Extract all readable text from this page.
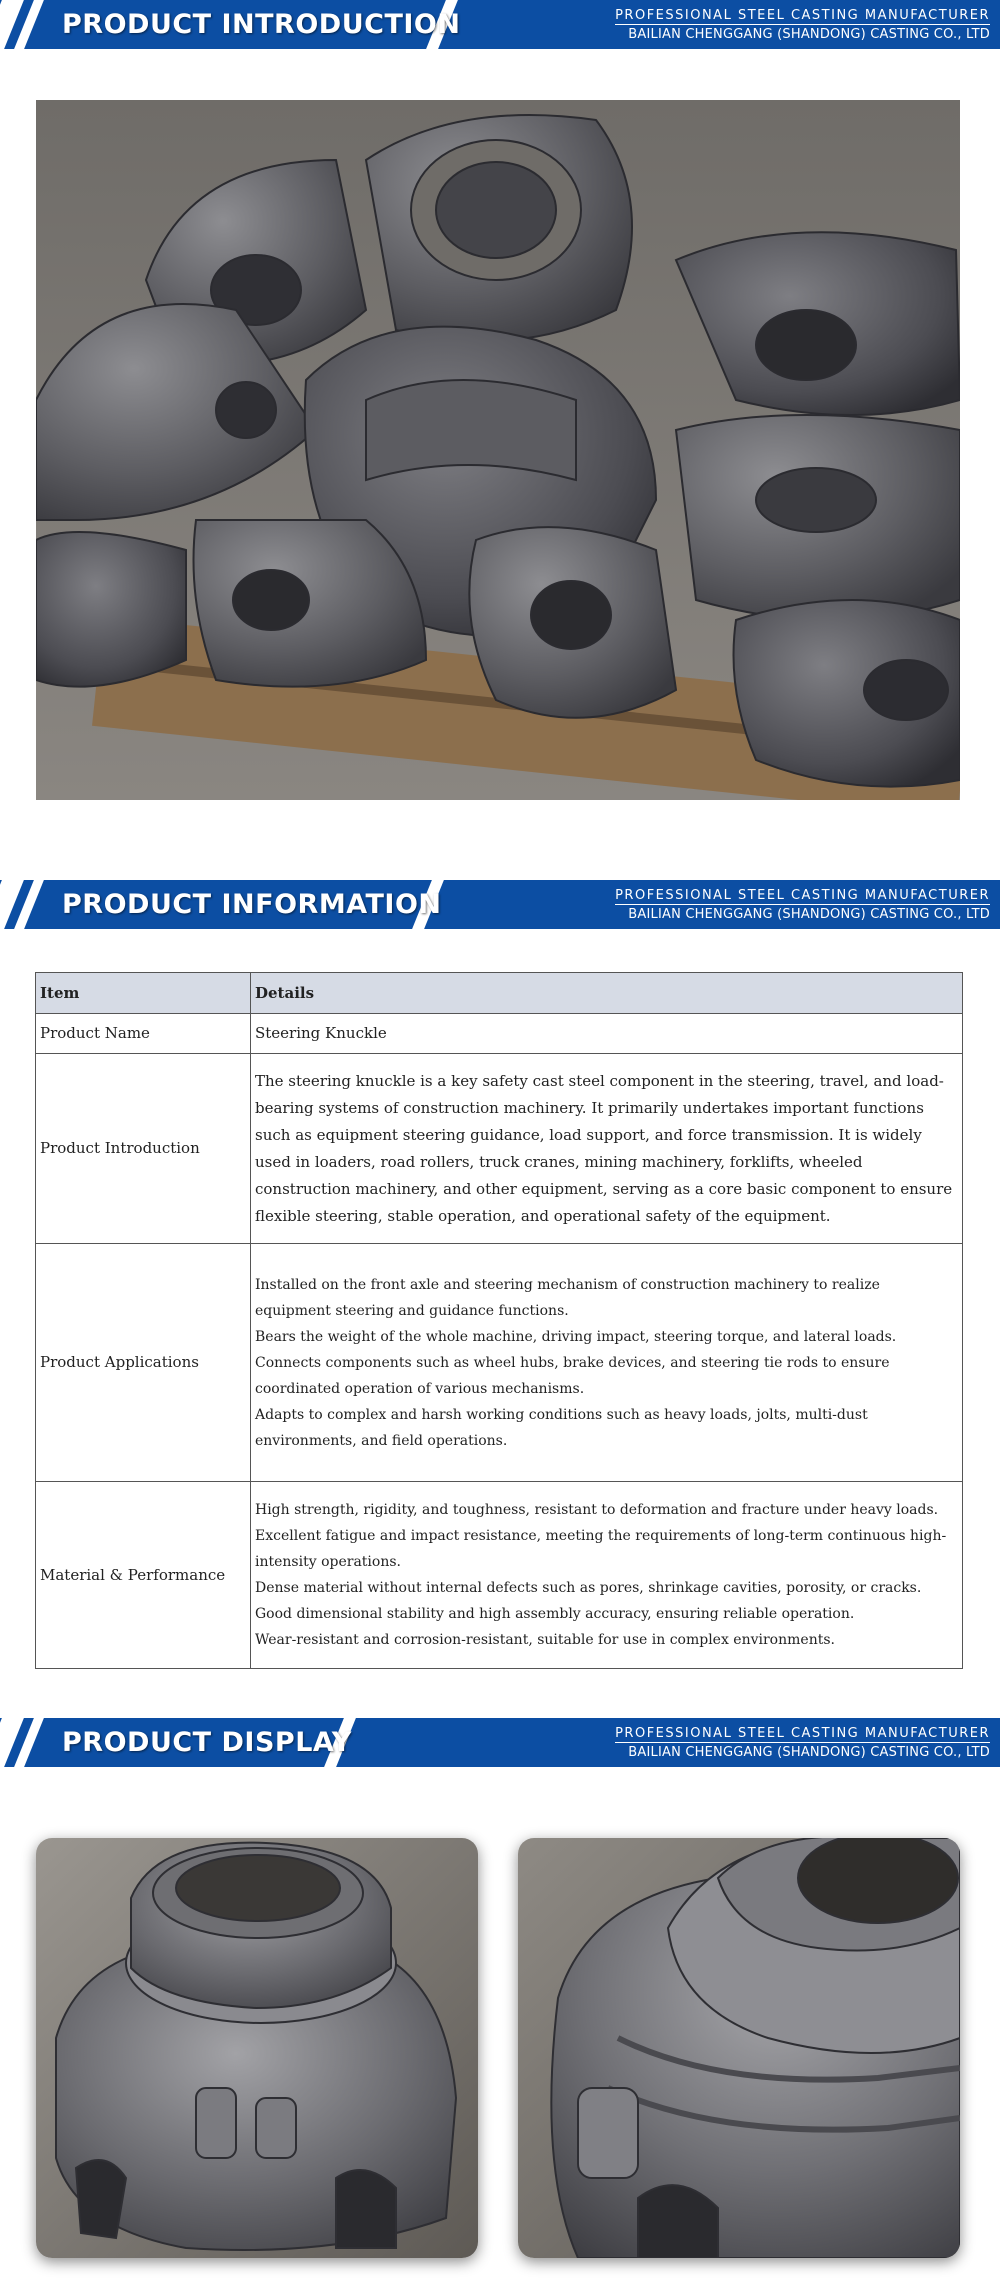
PRODUCT INTRODUCTION	PROFESSIONAL STEEL CASTING MANUFACTURER
BAILIAN CHENGGANG (SHANDONG) CASTING CO., LTD
PRODUCT INFORMATION	PROFESSIONAL STEEL CASTING MANUFACTURER
BAILIAN CHENGGANG (SHANDONG) CASTING CO., LTD
Item	Details
Product Name	Steering Knuckle
Product Introduction	The steering knuckle is a key safety cast steel component in the steering, travel, and load-bearing systems of construction machinery. It primarily undertakes important functions such as equipment steering guidance, load support, and force transmission. It is widely used in loaders, road rollers, truck cranes, mining machinery, forklifts, wheeled construction machinery, and other equipment, serving as a core basic component to ensure flexible steering, stable operation, and operational safety of the equipment.
Product Applications	Installed on the front axle and steering mechanism of construction machinery to realize equipment steering and guidance functions.
Bears the weight of the whole machine, driving impact, steering torque, and lateral loads.
Connects components such as wheel hubs, brake devices, and steering tie rods to ensure coordinated operation of various mechanisms.
Adapts to complex and harsh working conditions such as heavy loads, jolts, multi-dust environments, and field operations.

Material & Performance	High strength, rigidity, and toughness, resistant to deformation and fracture under heavy loads.
Excellent fatigue and impact resistance, meeting the requirements of long-term continuous high-intensity operations.
Dense material without internal defects such as pores, shrinkage cavities, porosity, or cracks.
Good dimensional stability and high assembly accuracy, ensuring reliable operation.
Wear-resistant and corrosion-resistant, suitable for use in complex environments.
PRODUCT DISPLAY	PROFESSIONAL STEEL CASTING MANUFACTURER
BAILIAN CHENGGANG (SHANDONG) CASTING CO., LTD
